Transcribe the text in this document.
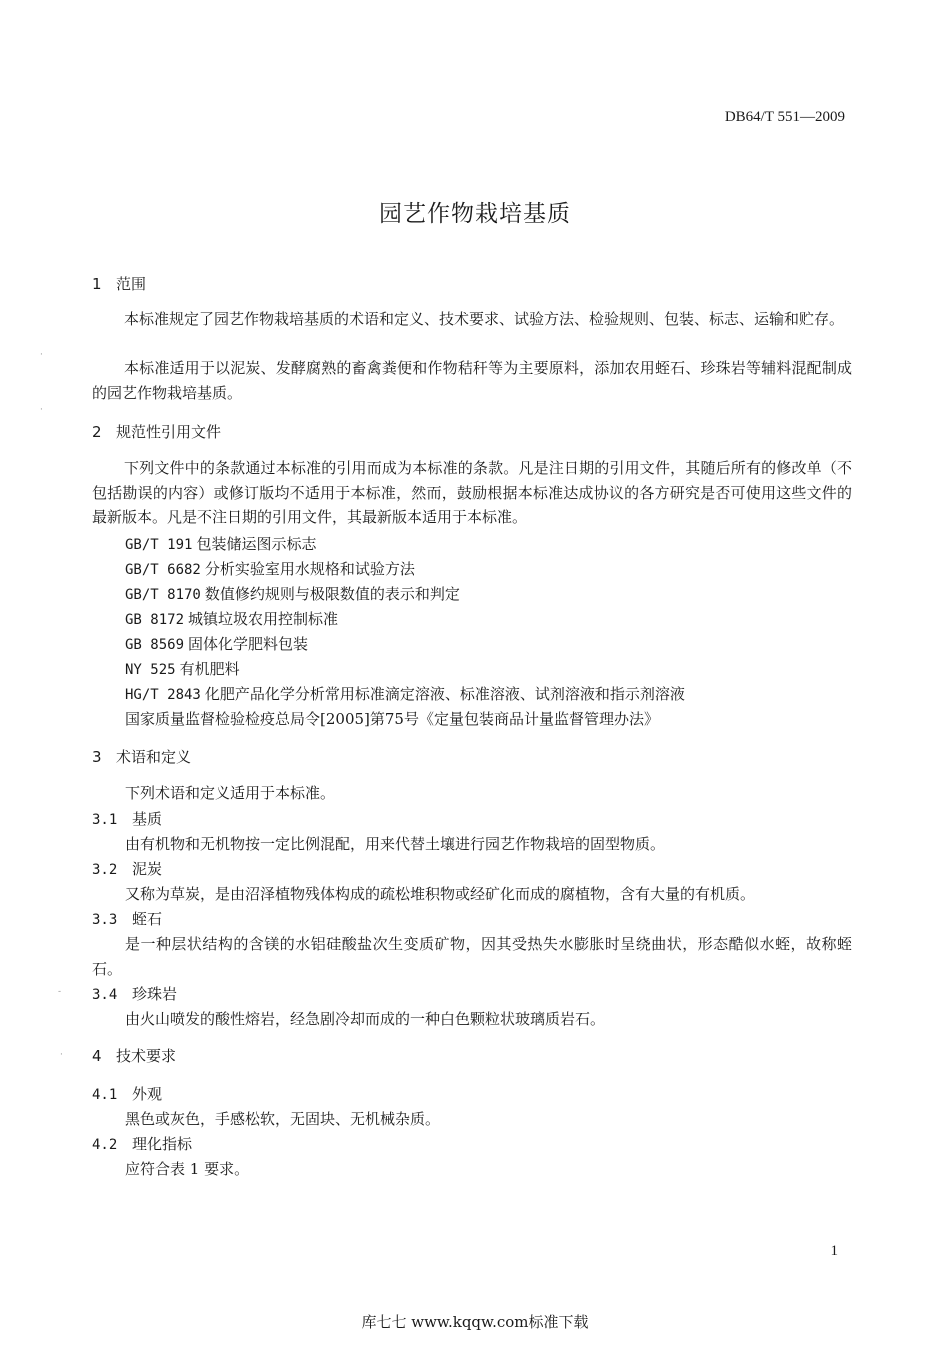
DB64/T 551—2009
园艺作物栽培基质
1 范围
本标准规定了园艺作物栽培基质的术语和定义、技术要求、试验方法、检验规则、包装、标志、运输和贮存。
本标准适用于以泥炭、发酵腐熟的畜禽粪便和作物秸秆等为主要原料，添加农用蛭石、珍珠岩等辅料混配制成的园艺作物栽培基质。
2 规范性引用文件
下列文件中的条款通过本标准的引用而成为本标准的条款。凡是注日期的引用文件，其随后所有的修改单（不包括勘误的内容）或修订版均不适用于本标准，然而，鼓励根据本标准达成协议的各方研究是否可使用这些文件的最新版本。凡是不注日期的引用文件，其最新版本适用于本标准。
GB/T 191 包装储运图示标志
GB/T 6682 分析实验室用水规格和试验方法
GB/T 8170 数值修约规则与极限数值的表示和判定
GB 8172 城镇垃圾农用控制标准
GB 8569 固体化学肥料包装
NY 525 有机肥料
HG/T 2843 化肥产品化学分析常用标准滴定溶液、标准溶液、试剂溶液和指示剂溶液
国家质量监督检验检疫总局令[2005]第75号《定量包装商品计量监督管理办法》
3 术语和定义
下列术语和定义适用于本标准。
3.1 基质
由有机物和无机物按一定比例混配，用来代替土壤进行园艺作物栽培的固型物质。
3.2 泥炭
又称为草炭，是由沼泽植物残体构成的疏松堆积物或经矿化而成的腐植物，含有大量的有机质。
3.3 蛭石
是一种层状结构的含镁的水铝硅酸盐次生变质矿物，因其受热失水膨胀时呈绕曲状，形态酷似水蛭，故称蛭石。
3.4 珍珠岩
由火山喷发的酸性熔岩，经急剧冷却而成的一种白色颗粒状玻璃质岩石。
4 技术要求
4.1 外观
黑色或灰色，手感松软，无固块、无机械杂质。
4.2 理化指标
应符合表 1 要求。
1
库七七 www.kqqw.com标准下载
·
·
-
·
